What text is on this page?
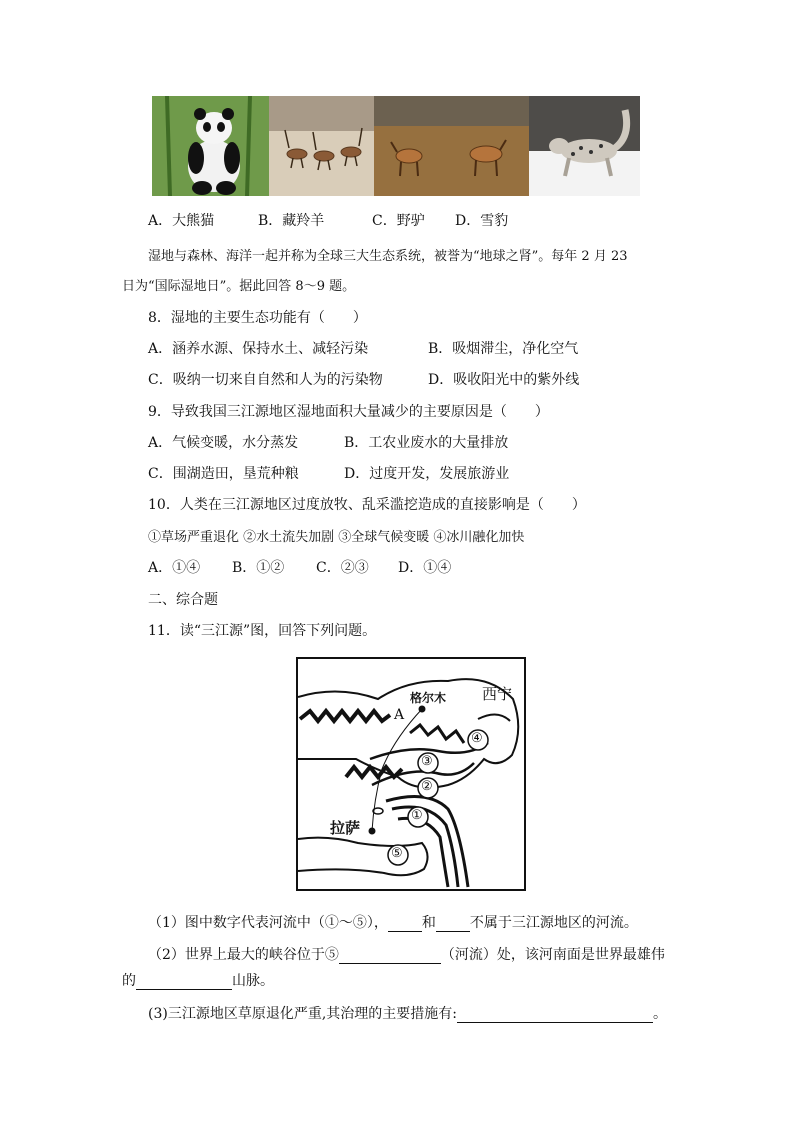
A．大熊猫	B．藏羚羊	C．野驴 D．雪豹
湿地与森林、海洋一起并称为全球三大生态系统，被誉为“地球之肾”。每年 2 月 23
日为“国际湿地日”。据此回答 8～9 题。
8．湿地的主要生态功能有（　　）
A．涵养水源、保持水土、减轻污染	B．吸烟滞尘，净化空气
C．吸纳一切来自自然和人为的污染物	D．吸收阳光中的紫外线
9．导致我国三江源地区湿地面积大量减少的主要原因是（　　）
A．气候变暖，水分蒸发	B．工农业废水的大量排放
C．围湖造田，垦荒种粮	D．过度开发，发展旅游业
10．人类在三江源地区过度放牧、乱采滥挖造成的直接影响是（　　）
①草场严重退化 ②水土流失加剧 ③全球气候变暖 ④冰川融化加快
A．①④ B．①② C．②③ D．①④
二、综合题
11．读“三江源”图，回答下列问题。
格尔木 西宁
A
拉萨
④
③
②
①
⑤
（1）图中数字代表河流中（①～⑤）， 和 不属于三江源地区的河流。
（2）世界上最大的峡谷位于⑤	（河流）处，该河南面是世界最雄伟
的	山脉。
(3)三江源地区草原退化严重,其治理的主要措施有:	。
